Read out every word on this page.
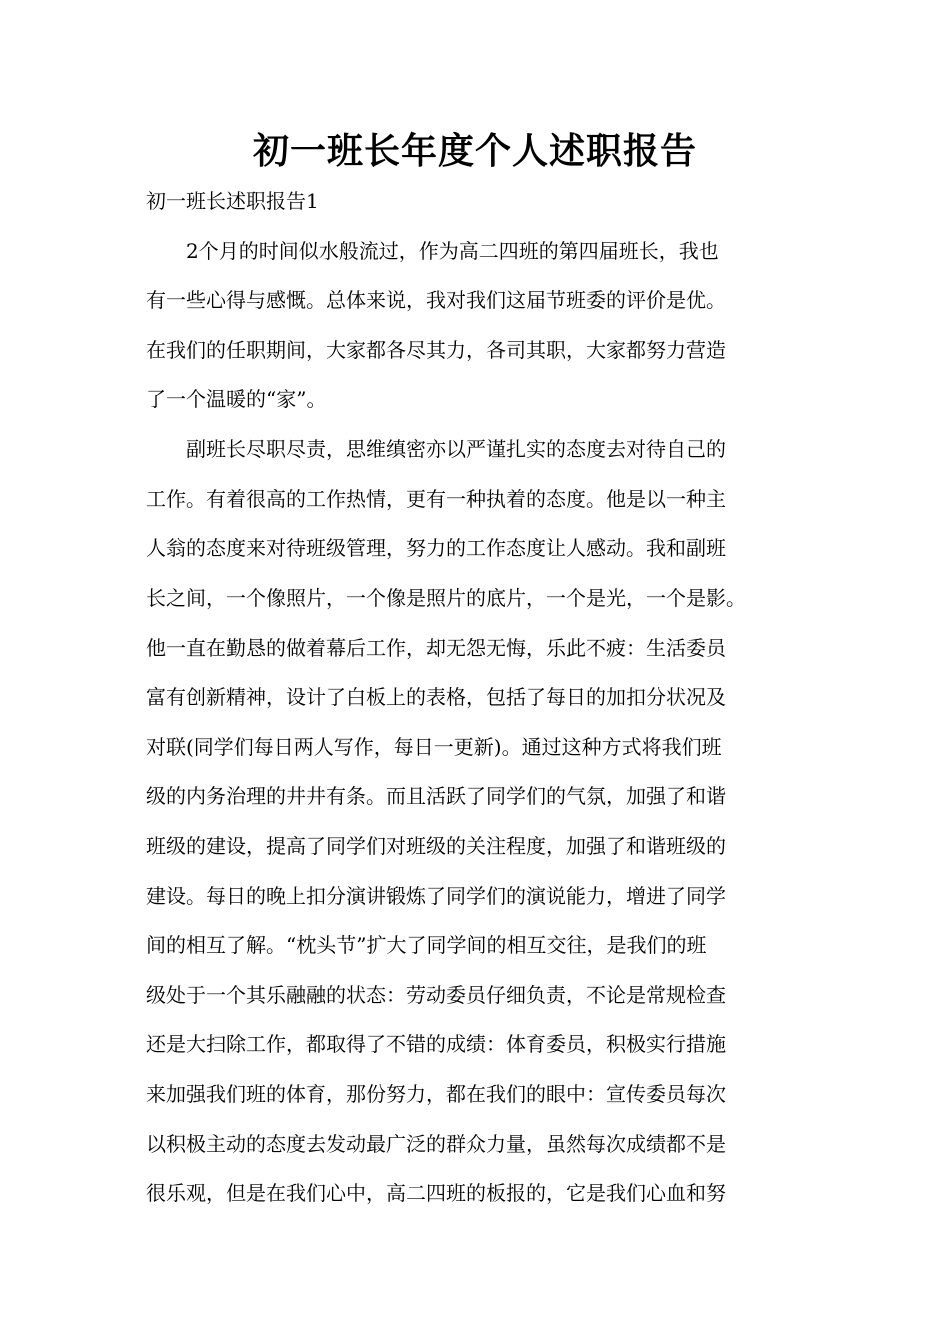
初一班长年度个人述职报告

初一班长述职报告1

　　2个月的时间似水般流过，作为高二四班的第四届班长，我也

有一些心得与感慨。总体来说，我对我们这届节班委的评价是优。

在我们的任职期间，大家都各尽其力，各司其职，大家都努力营造

了一个温暖的“家”。

　　副班长尽职尽责，思维缜密亦以严谨扎实的态度去对待自己的

工作。有着很高的工作热情，更有一种执着的态度。他是以一种主

人翁的态度来对待班级管理，努力的工作态度让人感动。我和副班

长之间，一个像照片，一个像是照片的底片，一个是光，一个是影。

他一直在勤恳的做着幕后工作，却无怨无悔，乐此不疲：生活委员

富有创新精神，设计了白板上的表格，包括了每日的加扣分状况及

对联(同学们每日两人写作，每日一更新)。通过这种方式将我们班

级的内务治理的井井有条。而且活跃了同学们的气氛，加强了和谐

班级的建设，提高了同学们对班级的关注程度，加强了和谐班级的

建设。每日的晚上扣分演讲锻炼了同学们的演说能力，增进了同学

间的相互了解。“枕头节”扩大了同学间的相互交往，是我们的班

级处于一个其乐融融的状态：劳动委员仔细负责，不论是常规检查

还是大扫除工作，都取得了不错的成绩：体育委员，积极实行措施

来加强我们班的体育，那份努力，都在我们的眼中：宣传委员每次

以积极主动的态度去发动最广泛的群众力量，虽然每次成绩都不是

很乐观，但是在我们心中，高二四班的板报的，它是我们心血和努
